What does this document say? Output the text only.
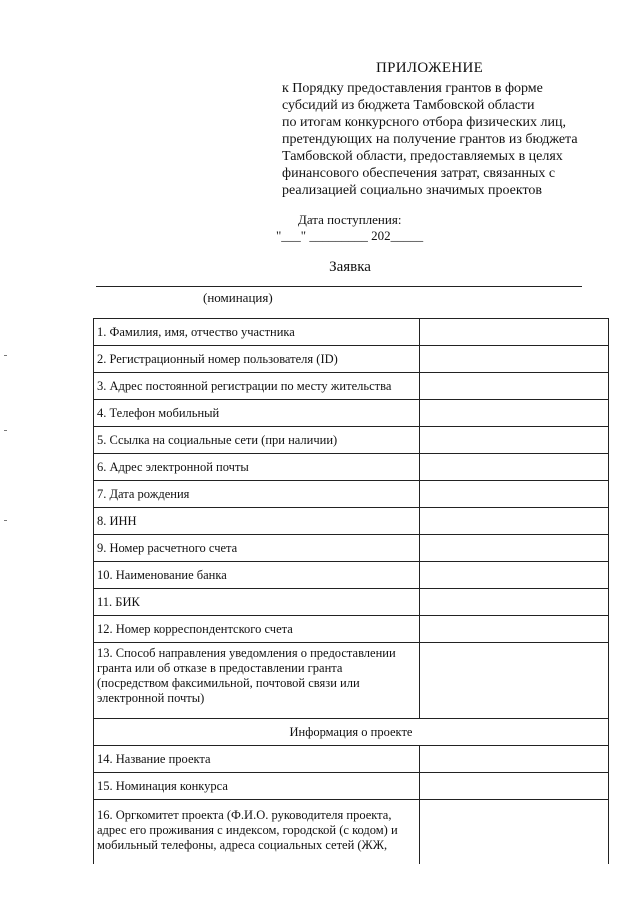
ПРИЛОЖЕНИЕ
к Порядку предоставления грантов в форме
субсидий из бюджета Тамбовской области
по итогам конкурсного отбора физических лиц,
претендующих на получение грантов из бюджета
Тамбовской области, предоставляемых в целях
финансового обеспечения затрат, связанных с
реализацией социально значимых проектов
Дата поступления:
"___" _________ 202_____
Заявка
(номинация)
1. Фамилия, имя, отчество участника	
2. Регистрационный номер пользователя (ID)	
3. Адрес постоянной регистрации по месту жительства	
4. Телефон мобильный	
5. Ссылка на социальные сети (при наличии)	
6. Адрес электронной почты	
7. Дата рождения	
8. ИНН	
9. Номер расчетного счета	
10. Наименование банка	
11. БИК	
12. Номер корреспондентского счета	

13. Способ направления уведомления о предоставлении
гранта или об отказе в предоставлении гранта
(посредством факсимильной, почтовой связи или
электронной почты)	

Информация о проекте	
14. Название проекта	
15. Номинация конкурса	

16. Оргкомитет проекта (Ф.И.О. руководителя проекта,
адрес его проживания с индексом, городской (с кодом) и
мобильный телефоны, адреса социальных сетей (ЖЖ,	
